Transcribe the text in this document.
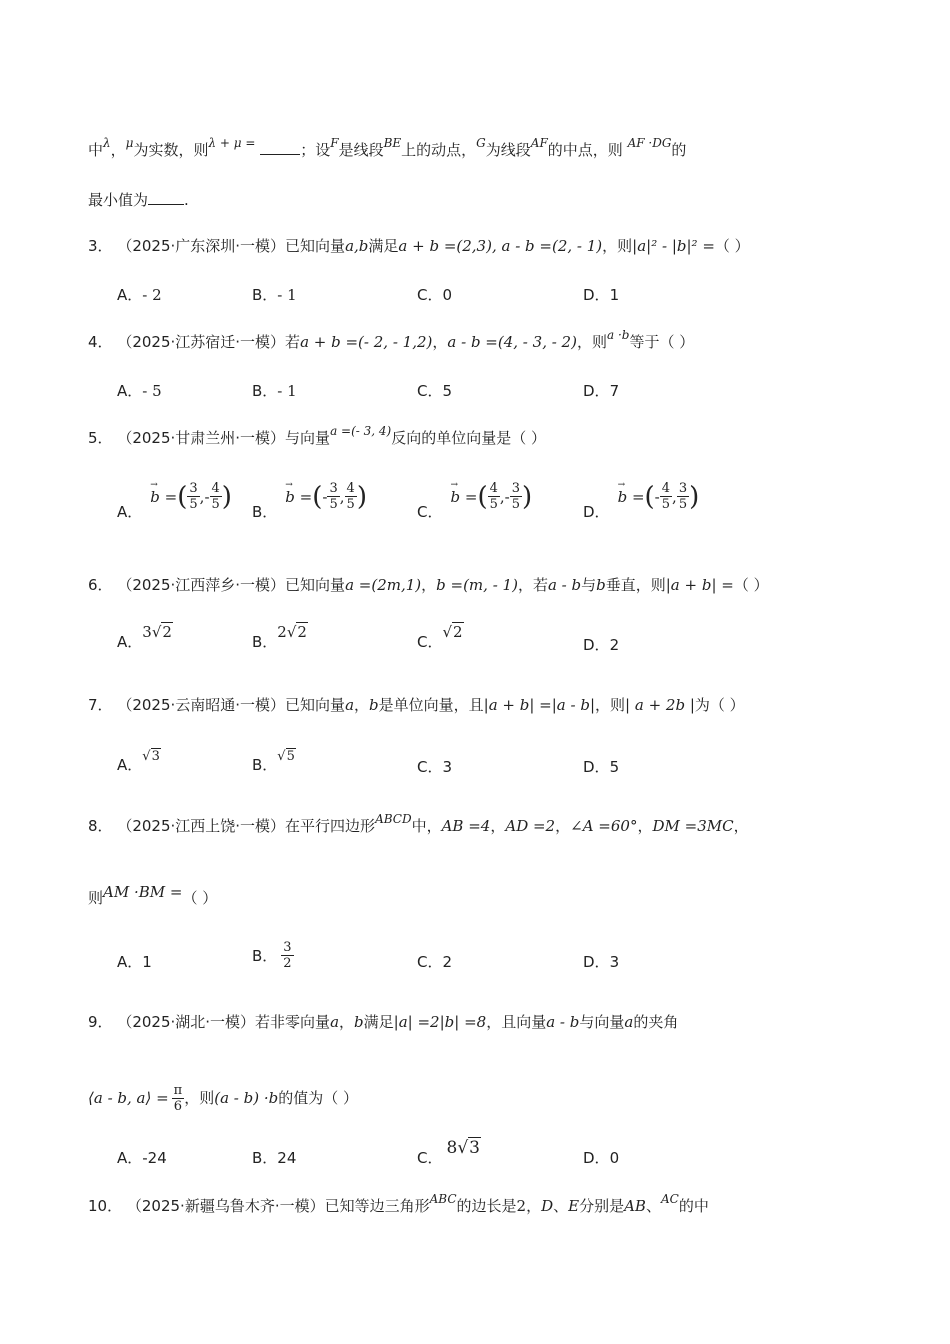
中$^\lambda$，$^\mu$为实数，则$^{\lambda + \mu =}$	；设$^F$是线段$^{BE}$上的动点，$^G$为线段$^{AF}$的中点，则 $^{AF \cdot DG}$的
最小值为 .
3． （2025·广东深圳·一模）已知向量a,b满足a + b =(2,3), a - b =(2, - 1)，则|a|² - |b|² =（ ）
A．- 2	B．- 1	C．0	D．1
4． （2025·江苏宿迁·一模）若a + b =(- 2, - 1,2)，a - b =(4, - 3, - 2)，则$^{a \cdot b}$等于（ ）
A．- 5	B．- 1	C．5	D．7
5． （2025·甘肃兰州·一模）与向量$^{a =(- 3, 4)}$反向的单位向量是（ ）
A．
→ b = ( $\frac{3}{5}$ , - $\frac{4}{5}$ )
B．
→ b = ( - $\frac{3}{5}$ , $\frac{4}{5}$ )
C．
→ b = ( $\frac{4}{5}$ , - $\frac{3}{5}$ )
D．
→ b = ( - $\frac{4}{5}$ , $\frac{3}{5}$ )
6． （2025·江西萍乡·一模）已知向量a =(2m,1)，b =(m, - 1)，若a - b与b垂直，则|a + b| =（ ）
A．3√2
B．2√2
C．√2
D．2
7． （2025·云南昭通·一模）已知向量a，b是单位向量，且|a + b| =|a - b|，则| a + 2b |为（ ）
A．√3	B．√5
C．3	D．5
8． （2025·江西上饶·一模）在平行四边形$^{ABCD}$中，AB =4，AD =2，∠A =60°，DM =3MC，
则AM ·BM =（ ）
A．1	B． $\frac{3}{2}$	C．2	D．3
9． （2025·湖北·一模）若非零向量a，b满足|a| =2|b| =8，且向量a - b与向量a的夹角
⟨a - b, a⟩ = $\frac{\pi}{6}$ ，则 (a - b) ·b 的值为（ ）
A．-24	B．24	C． 8√3	D．0
10． （2025·新疆乌鲁木齐·一模）已知等边三角形$^{ABC}$的边长是2，D、E分别是AB、$^{AC}$的中
